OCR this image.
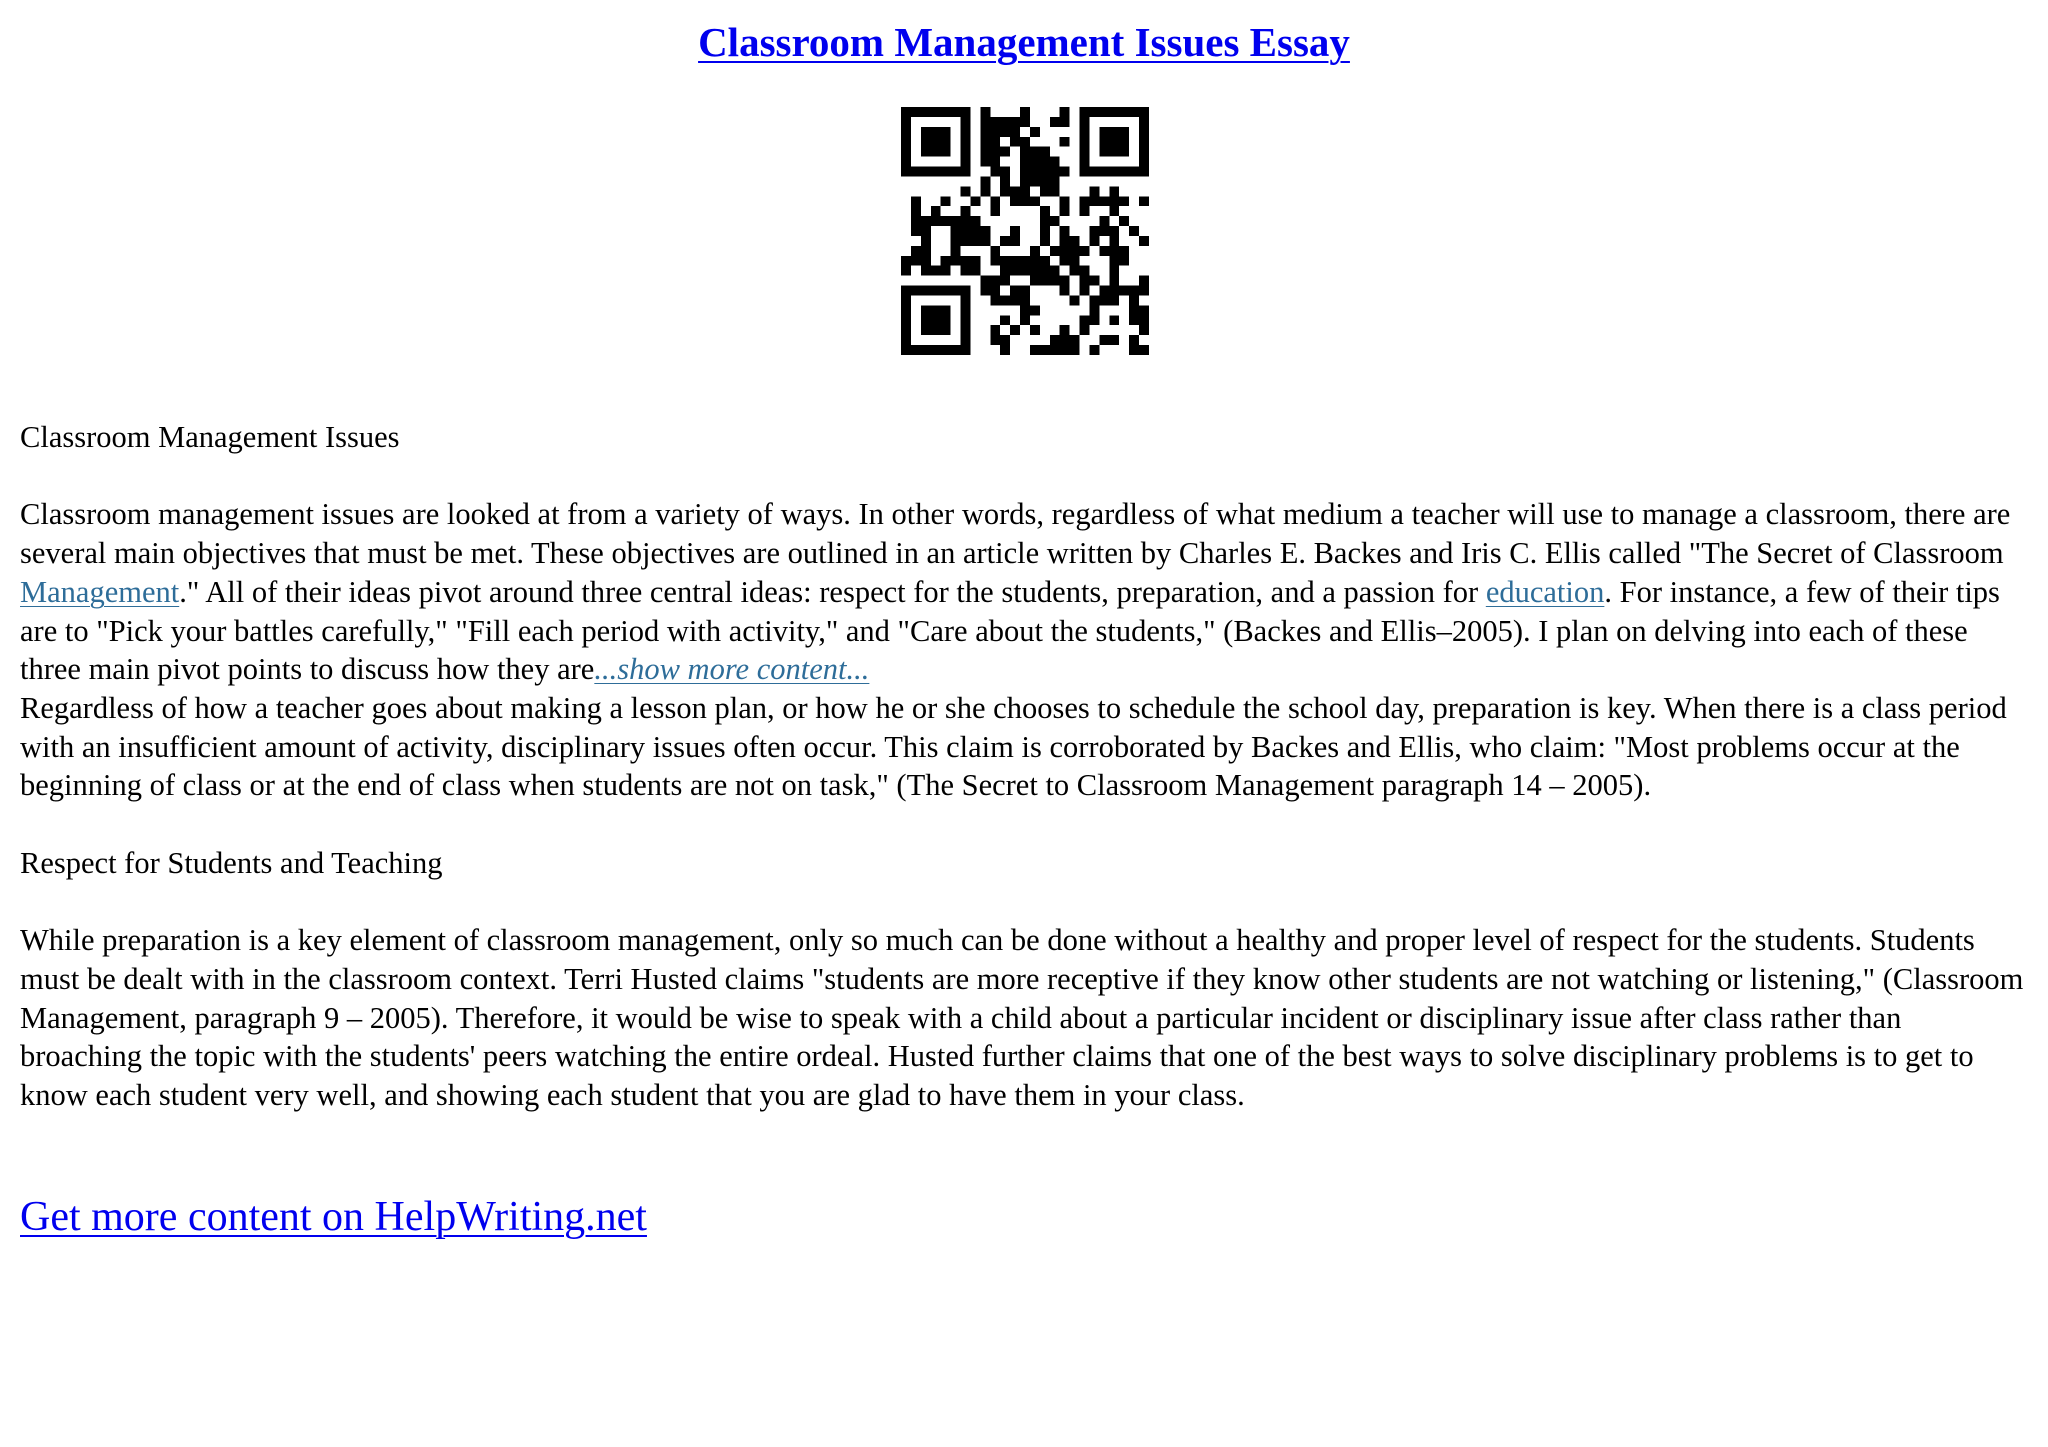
Classroom Management Issues Essay

Classroom Management Issues

Classroom management issues are looked at from a variety of ways. In other words, regardless of what medium a teacher will use to manage a classroom, there are several main objectives that must be met. These objectives are outlined in an article written by Charles E. Backes and Iris C. Ellis called "The Secret of Classroom Management." All of their ideas pivot around three central ideas: respect for the students, preparation, and a passion for education. For instance, a few of their tips are to "Pick your battles carefully," "Fill each period with activity," and "Care about the students," (Backes and Ellis–2005). I plan on delving into each of these three main pivot points to discuss how they are...show more content...
Regardless of how a teacher goes about making a lesson plan, or how he or she chooses to schedule the school day, preparation is key. When there is a class period with an insufficient amount of activity, disciplinary issues often occur. This claim is corroborated by Backes and Ellis, who claim: "Most problems occur at the beginning of class or at the end of class when students are not on task," (The Secret to Classroom Management paragraph 14 – 2005).

Respect for Students and Teaching

While preparation is a key element of classroom management, only so much can be done without a healthy and proper level of respect for the students. Students must be dealt with in the classroom context. Terri Husted claims "students are more receptive if they know other students are not watching or listening," (Classroom Management, paragraph 9 – 2005). Therefore, it would be wise to speak with a child about a particular incident or disciplinary issue after class rather than broaching the topic with the students' peers watching the entire ordeal. Husted further claims that one of the best ways to solve disciplinary problems is to get to know each student very well, and showing each student that you are glad to have them in your class.

Get more content on HelpWriting.net
